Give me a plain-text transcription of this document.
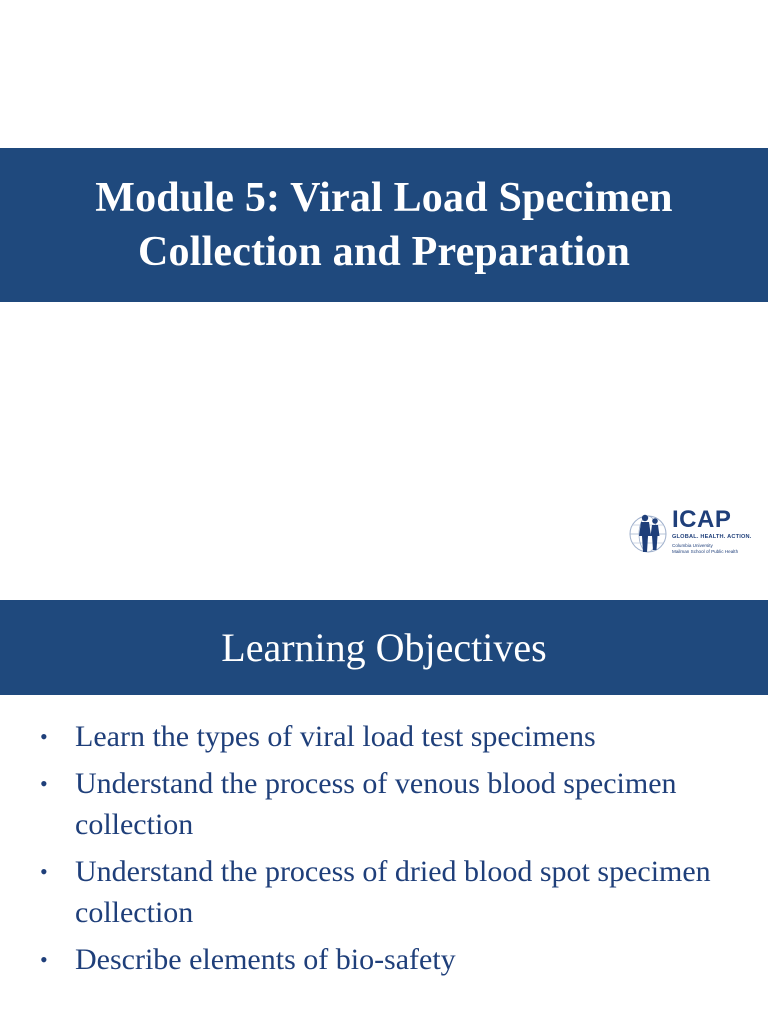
Module 5: Viral Load Specimen
Collection and Preparation
ICAP
GLOBAL. HEALTH. ACTION.
Columbia University
Mailman School of Public Health
Learning Objectives
• Learn the types of viral load test specimens
• Understand the process of venous blood specimen collection
• Understand the process of dried blood spot specimen collection
• Describe elements of bio-safety
